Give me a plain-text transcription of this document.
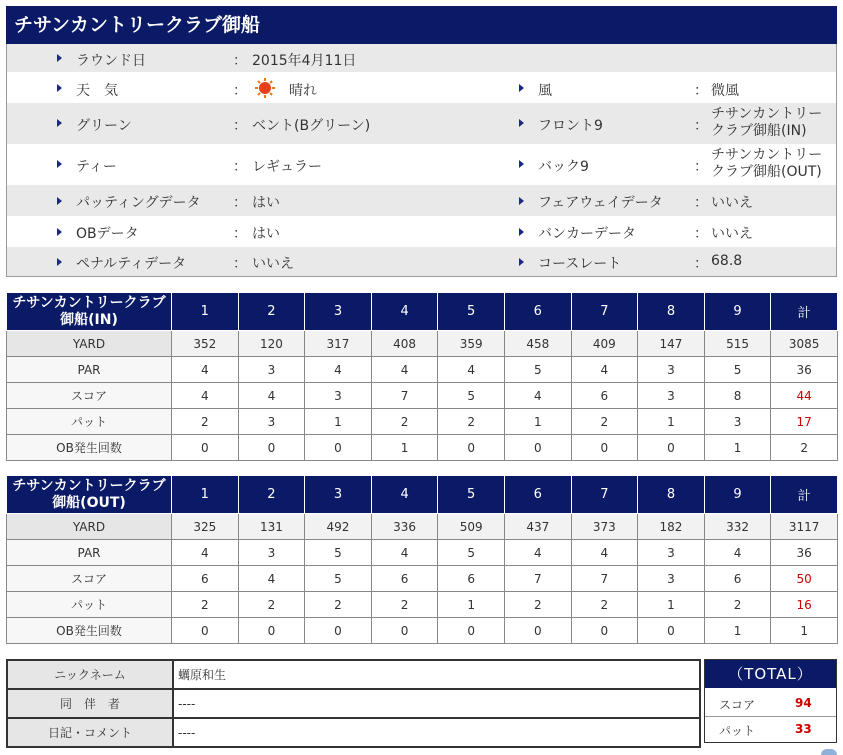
チサンカントリークラブ御船
ラウンド日	： 2015年4月11日
天　気	：	晴れ	風	： 微風
グリーン	： ベント(Bグリーン)	フロント9	：
チサンカントリークラブ御船(IN)
ティー	： レギュラー	バック9	：
チサンカントリークラブ御船(OUT)
パッティングデータ ： はい	フェアウェイデータ ： いいえ
OBデータ	： はい	バンカーデータ	： いいえ
ペナルティデータ	： いいえ	コースレート	： 68.8
チサンカントリークラブ御船(IN)	1	2	3	4	5	6	7	8	9	計
YARD	352	120	317	408	359	458	409	147	515	3085
PAR	4	3	4	4	4	5	4	3	5	36
スコア	4	4	3	7	5	4	6	3	8	44
パット	2	3	1	2	2	1	2	1	3	17
OB発生回数	0	0	0	1	0	0	0	0	1	2
チサンカントリークラブ御船(OUT)	1	2	3	4	5	6	7	8	9	計
YARD	325	131	492	336	509	437	373	182	332	3117
PAR	4	3	5	4	5	4	4	3	4	36
スコア	6	4	5	6	6	7	7	3	6	50
パット	2	2	2	2	1	2	2	1	2	16
OB発生回数	0	0	0	0	0	0	0	0	1	1
ニックネーム	蠣原和生
同　伴　者	----
日記・コメント	----
（TOTAL）
スコア	94
パット	33
